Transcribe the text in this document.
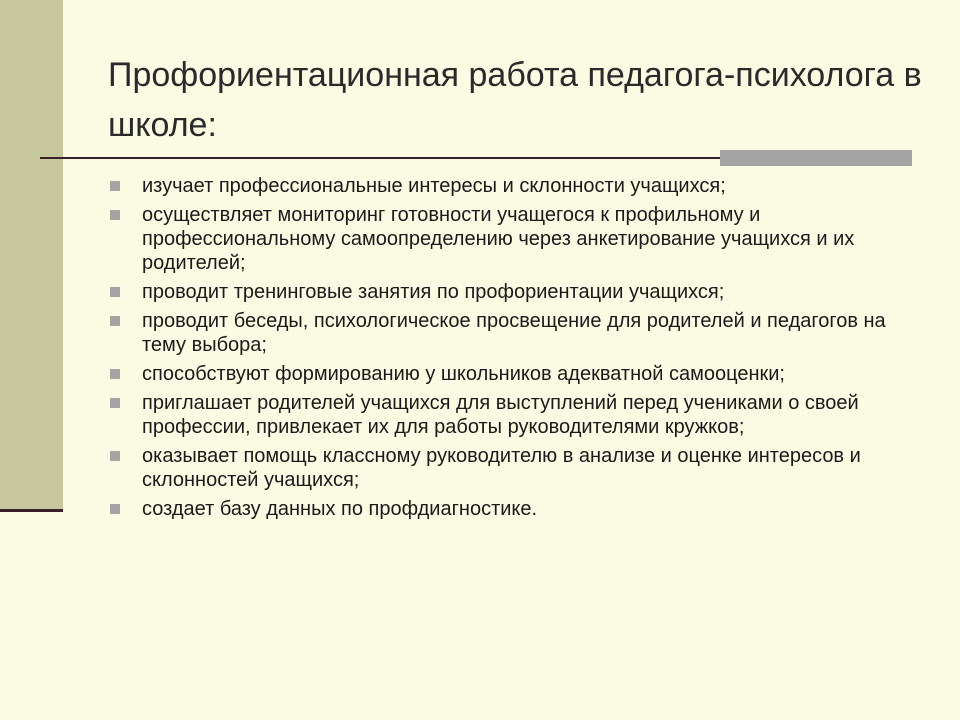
Профориентационная работа педагога-психолога в школе:
изучает профессиональные интересы и склонности учащихся;
осуществляет мониторинг готовности учащегося к профильному и профессиональному самоопределению через анкетирование учащихся и их родителей;
проводит тренинговые занятия по профориентации учащихся;
проводит беседы, психологическое просвещение для родителей и педагогов на тему выбора;
способствуют формированию у школьников адекватной самооценки;
приглашает родителей учащихся для выступлений перед учениками о своей профессии, привлекает их для работы руководителями кружков;
оказывает помощь классному руководителю в анализе и оценке интересов и склонностей учащихся;
создает базу данных по профдиагностике.
